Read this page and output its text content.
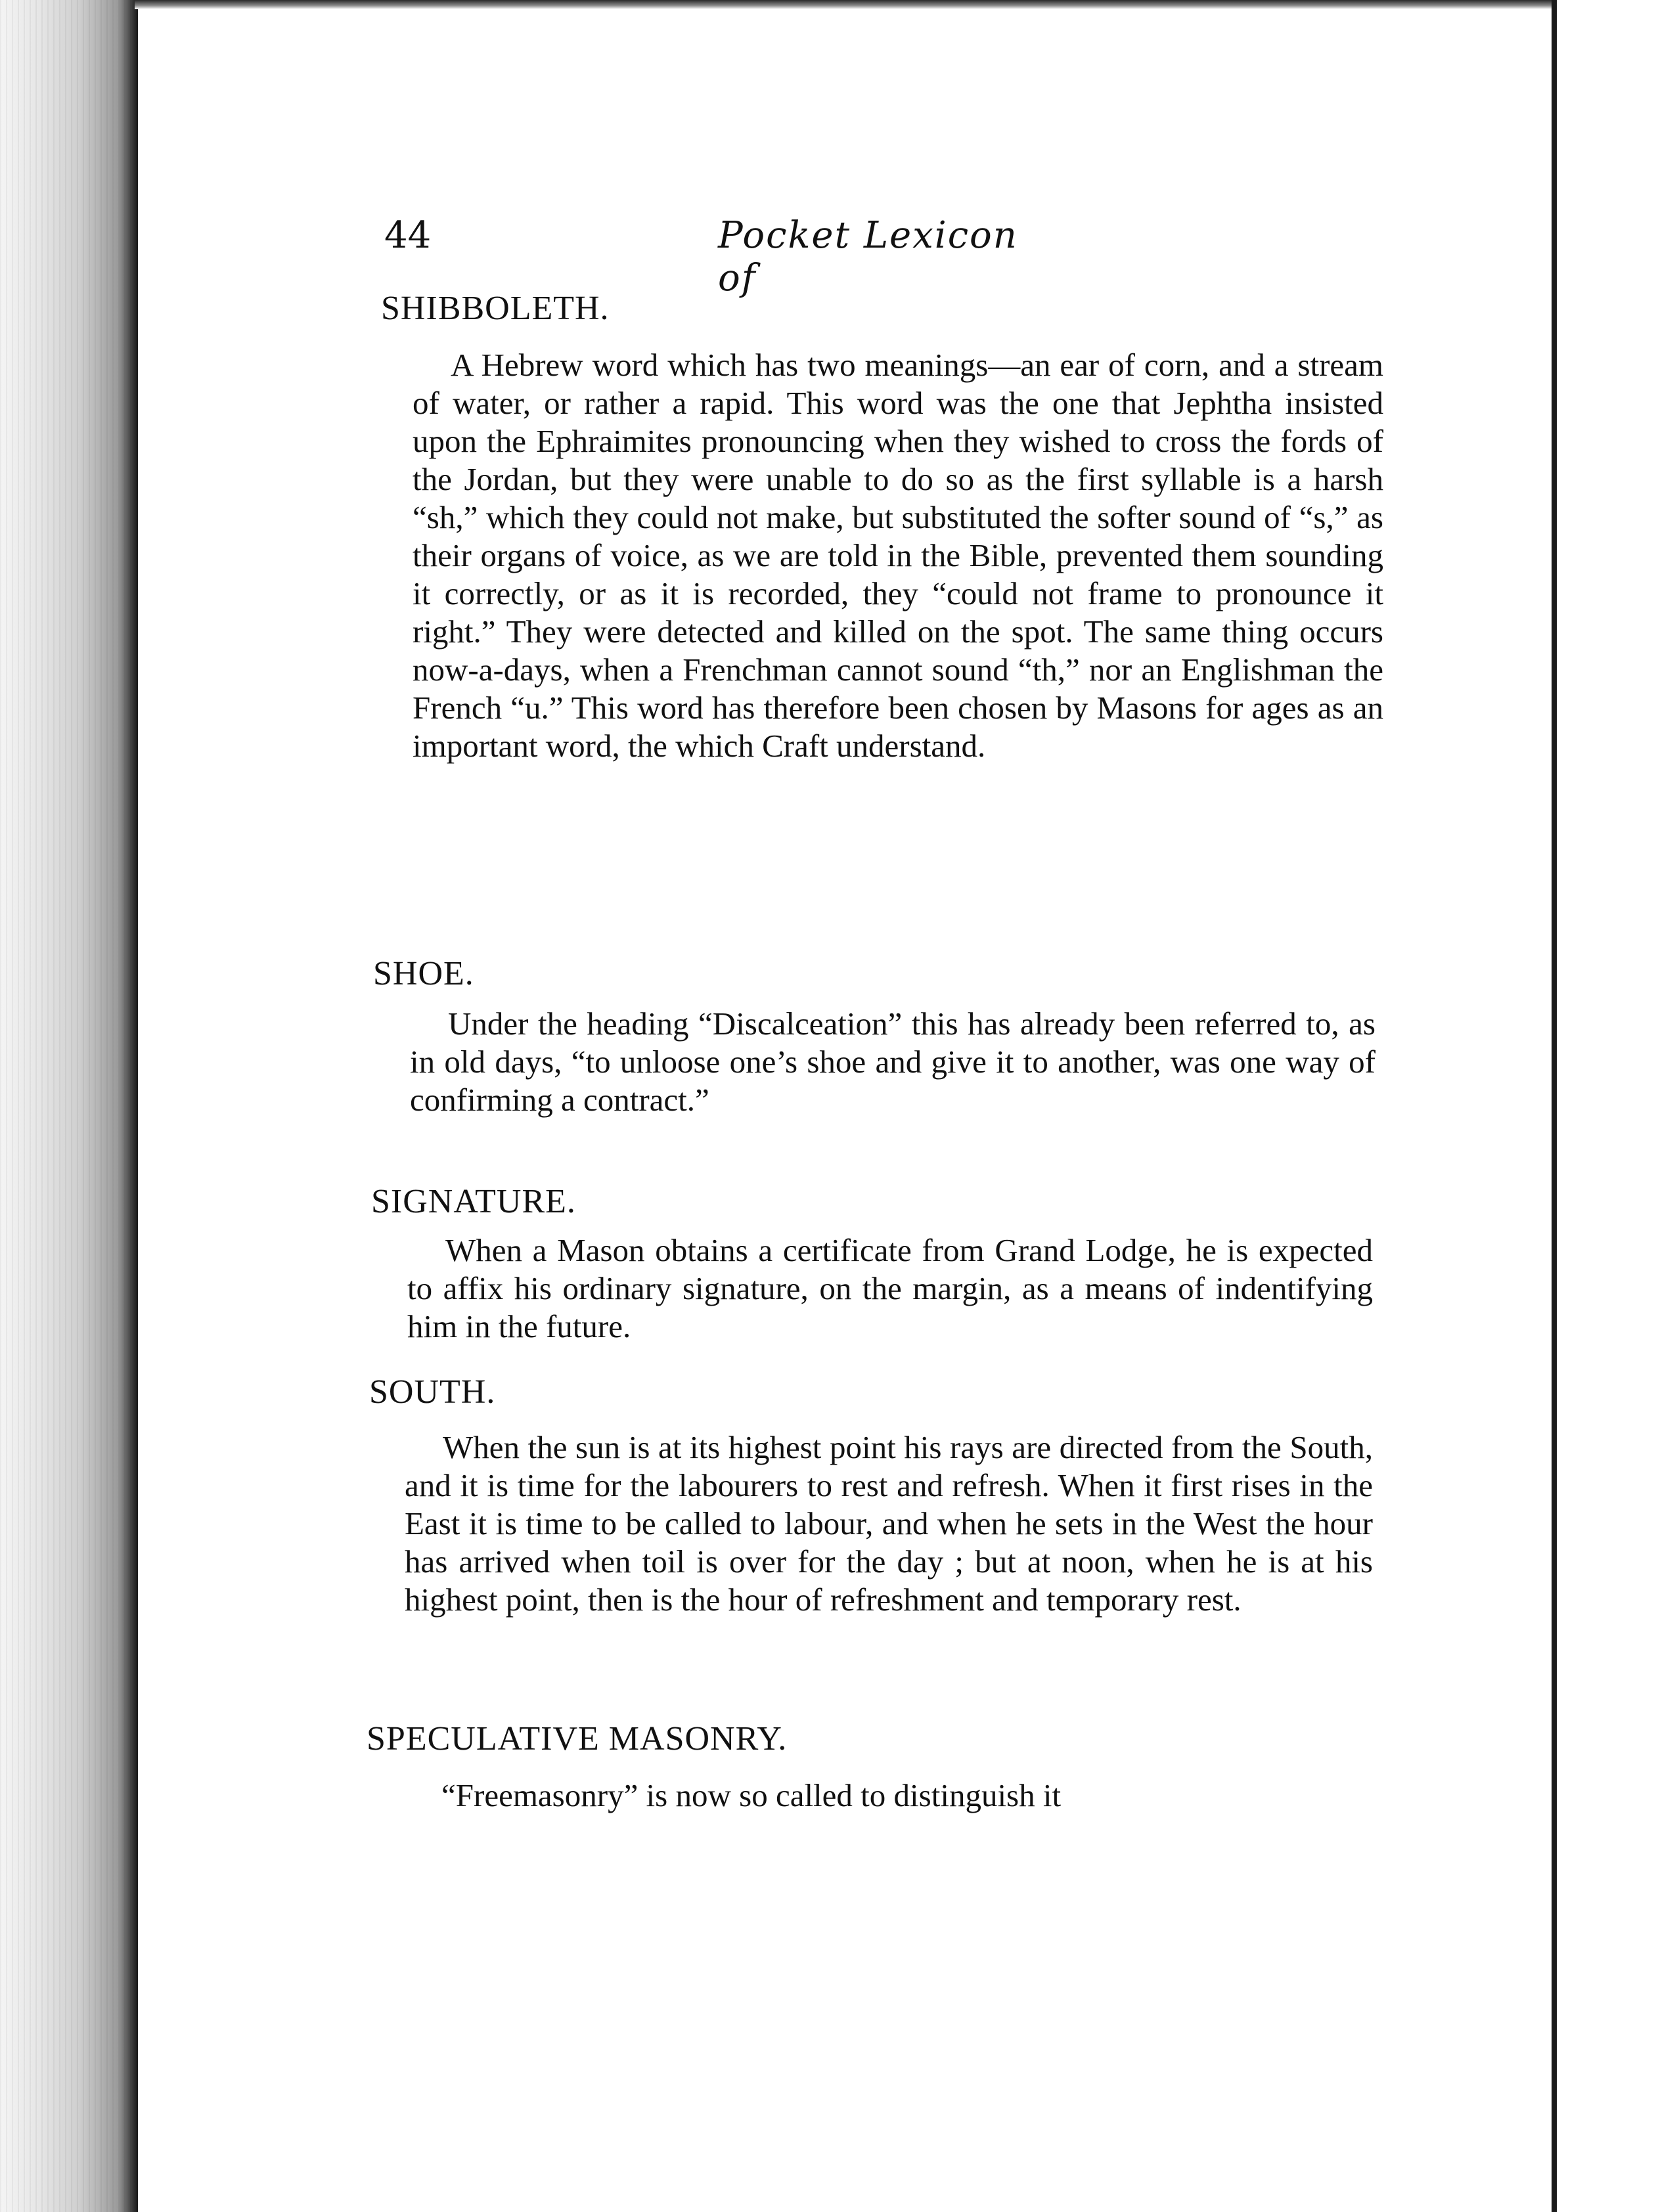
44	Pocket Lexicon of
SHIBBOLETH.

A Hebrew word which has two meanings—an ear of corn, and a stream of water, or rather a rapid. This word was the one that Jephtha insisted upon the Ephraimites pronouncing when they wished to cross the fords of the Jordan, but they were unable to do so as the first syllable is a harsh “sh,” which they could not make, but substituted the softer sound of “s,” as their organs of voice, as we are told in the Bible, prevented them sounding it correctly, or as it is recorded, they “could not frame to pronounce it right.” They were detected and killed on the spot. The same thing occurs now-a-days, when a Frenchman cannot sound “th,” nor an Englishman the French “u.” This word has therefore been chosen by Masons for ages as an important word, the which Craft understand.

SHOE.

Under the heading “Discalceation” this has already been referred to, as in old days, “to unloose one’s shoe and give it to another, was one way of confirming a contract.”

SIGNATURE.

When a Mason obtains a certificate from Grand Lodge, he is expected to affix his ordinary signature, on the margin, as a means of indentifying him in the future.

SOUTH.

When the sun is at its highest point his rays are directed from the South, and it is time for the labourers to rest and refresh. When it first rises in the East it is time to be called to labour, and when he sets in the West the hour has arrived when toil is over for the day ; but at noon, when he is at his highest point, then is the hour of refreshment and temporary rest.

SPECULATIVE MASONRY.

“Freemasonry” is now so called to distinguish it
